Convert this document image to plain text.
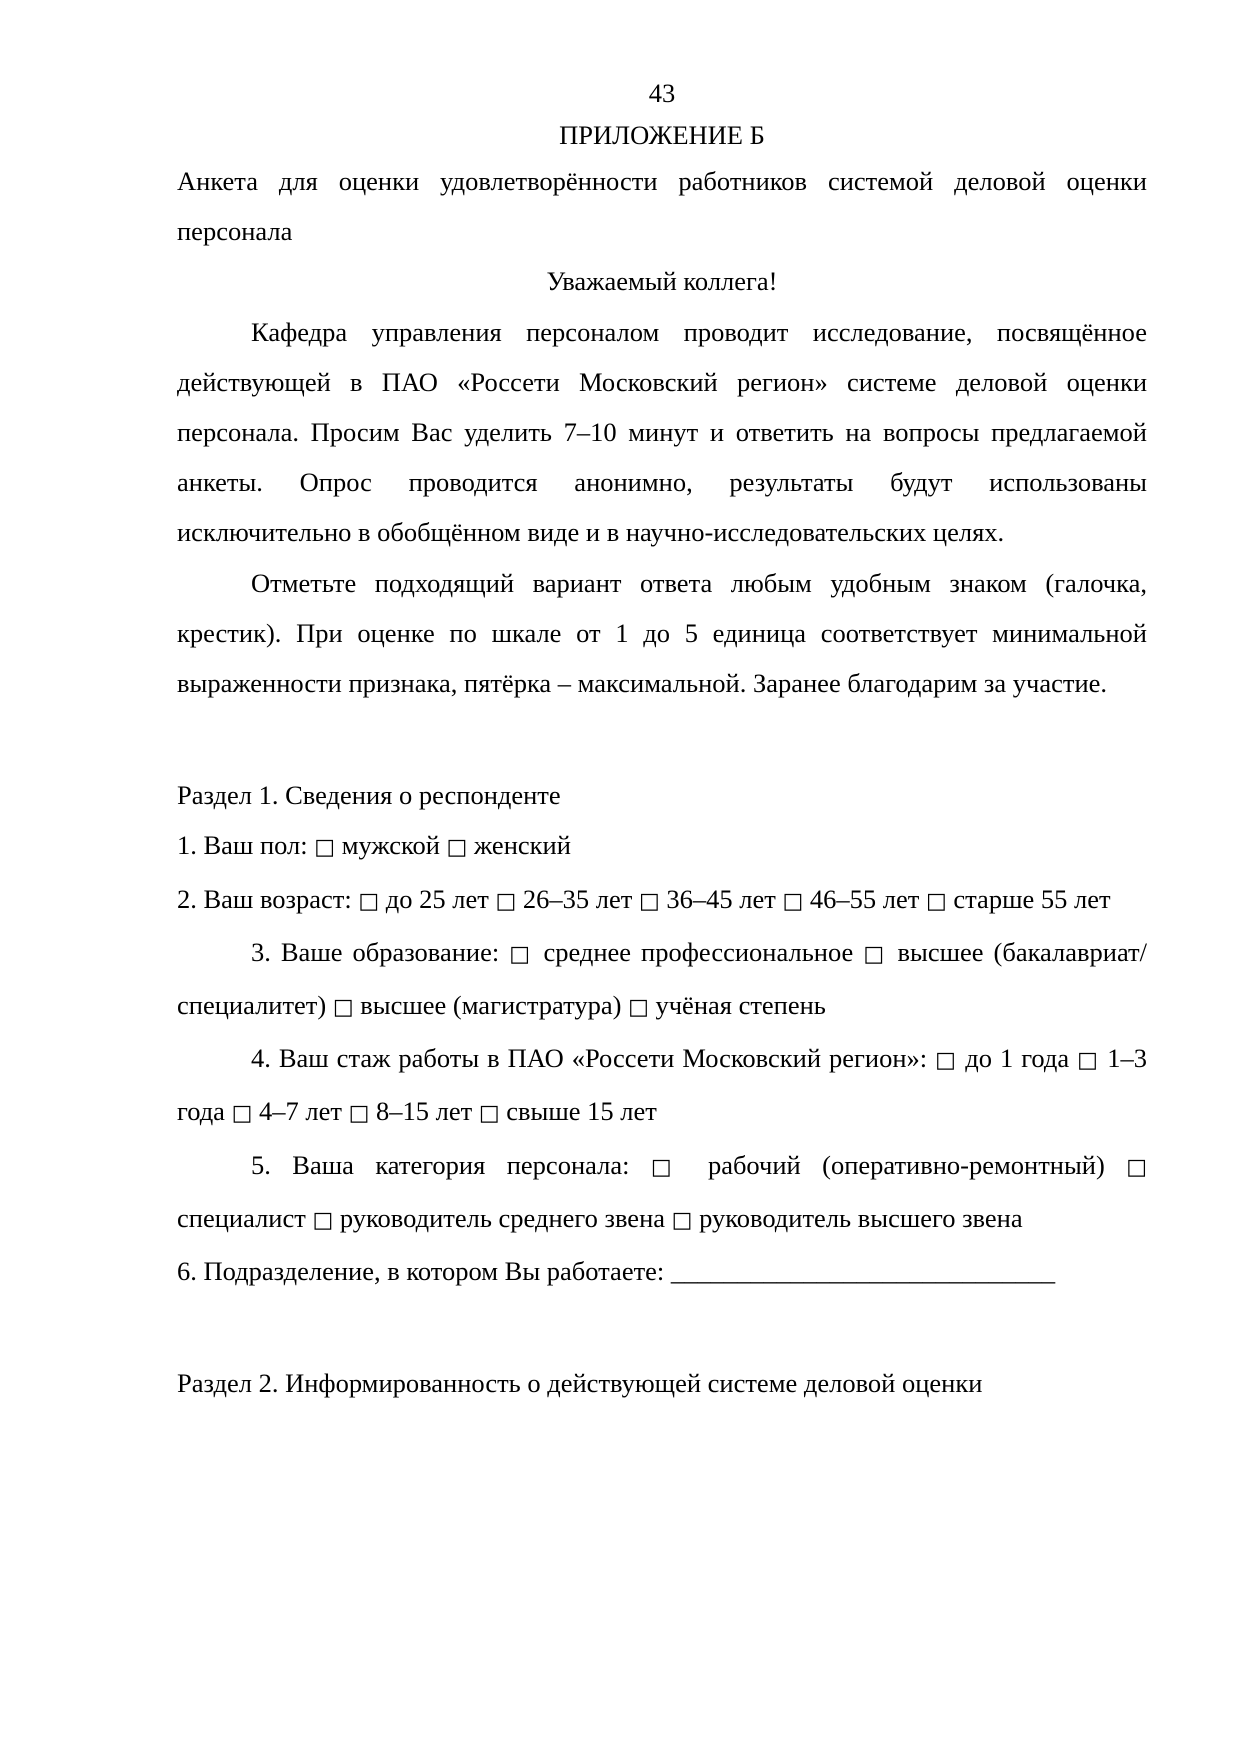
43
ПРИЛОЖЕНИЕ Б

Анкета для оценки удовлетворённости работников системой деловой оценки персонала

Уважаемый коллега!

Кафедра управления персоналом проводит исследование, посвящённое действующей в ПАО «Россети Московский регион» системе деловой оценки персонала. Просим Вас уделить 7–10 минут и ответить на вопросы предлагаемой анкеты. Опрос проводится анонимно, результаты будут использованы исключительно в обобщённом виде и в научно-исследовательских целях.

Отметьте подходящий вариант ответа любым удобным знаком (галочка, крестик). При оценке по шкале от 1 до 5 единица соответствует минимальной выраженности признака, пятёрка – максимальной. Заранее благодарим за участие.

Раздел 1. Сведения о респонденте

1. Ваш пол: □ мужской □ женский

2. Ваш возраст: □ до 25 лет □ 26–35 лет □ 36–45 лет □ 46–55 лет □ старше 55 лет

3. Ваше образование: □ среднее профессиональное □ высшее (бакалавриат/специалитет) □ высшее (магистратура) □ учёная степень

4. Ваш стаж работы в ПАО «Россети Московский регион»: □ до 1 года □ 1–3 года □ 4–7 лет □ 8–15 лет □ свыше 15 лет

5. Ваша категория персонала: □ рабочий (оперативно-ремонтный) □ специалист □ руководитель среднего звена □ руководитель высшего звена

6. Подразделение, в котором Вы работаете: _____________________________

Раздел 2. Информированность о действующей системе деловой оценки
